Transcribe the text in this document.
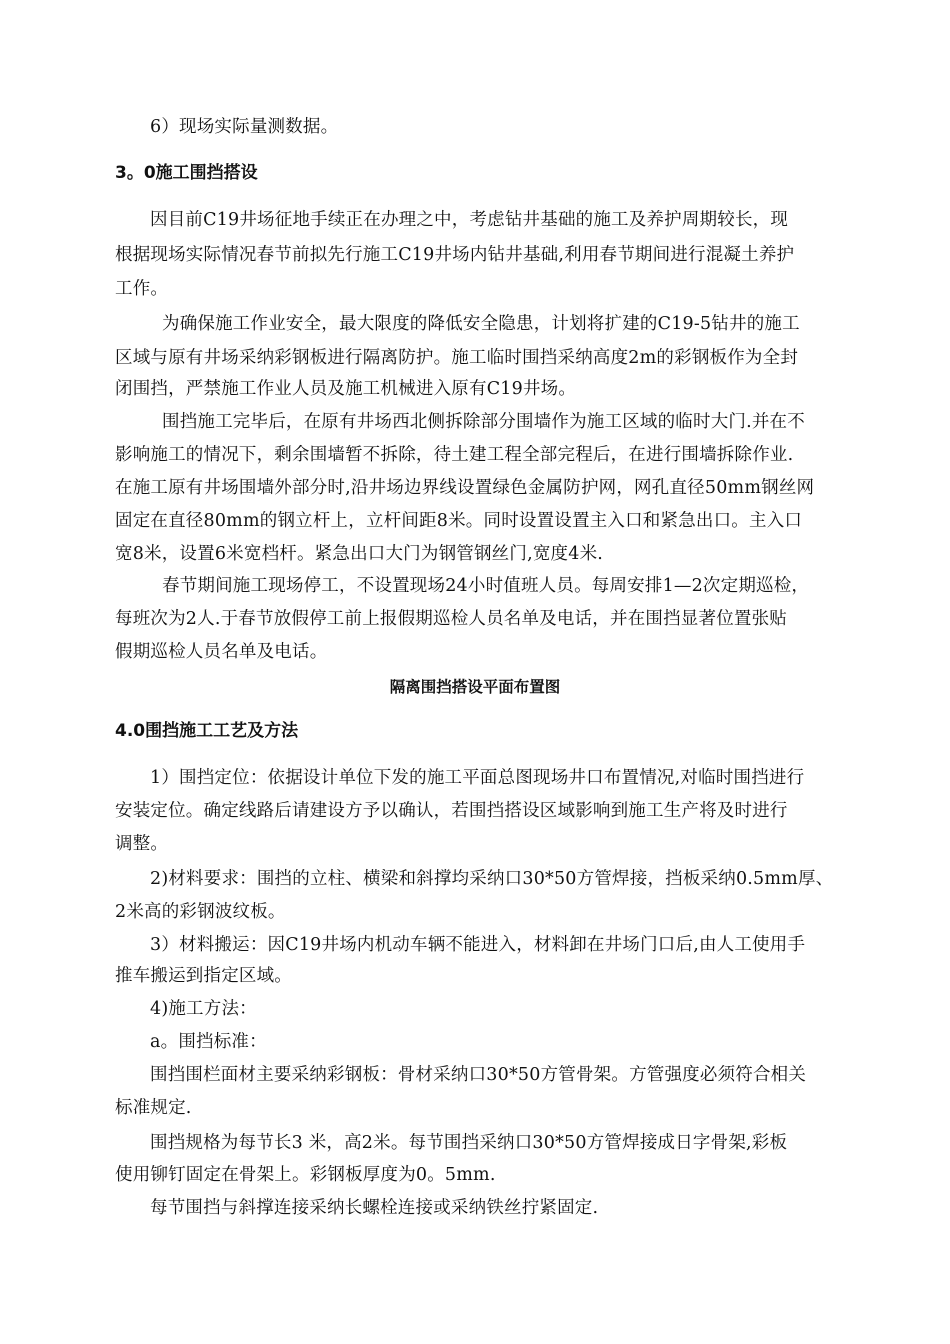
6）现场实际量测数据。
3。0施工围挡搭设
因目前C19井场征地手续正在办理之中，考虑钻井基础的施工及养护周期较长，现
根据现场实际情况春节前拟先行施工C19井场内钻井基础,利用春节期间进行混凝土养护
工作。
为确保施工作业安全，最大限度的降低安全隐患，计划将扩建的C19-5钻井的施工
区域与原有井场采纳彩钢板进行隔离防护。施工临时围挡采纳高度2m的彩钢板作为全封
闭围挡，严禁施工作业人员及施工机械进入原有C19井场。
围挡施工完毕后，在原有井场西北侧拆除部分围墙作为施工区域的临时大门.并在不
影响施工的情况下，剩余围墙暂不拆除，待土建工程全部完程后，在进行围墙拆除作业.
在施工原有井场围墙外部分时,沿井场边界线设置绿色金属防护网，网孔直径50mm钢丝网
固定在直径80mm的钢立杆上，立杆间距8米。同时设置设置主入口和紧急出口。主入口
宽8米，设置6米宽档杆。紧急出口大门为钢管钢丝门,宽度4米.
春节期间施工现场停工，不设置现场24小时值班人员。每周安排1—2次定期巡检，
每班次为2人.于春节放假停工前上报假期巡检人员名单及电话，并在围挡显著位置张贴
假期巡检人员名单及电话。
隔离围挡搭设平面布置图
4.0围挡施工工艺及方法
1）围挡定位：依据设计单位下发的施工平面总图现场井口布置情况,对临时围挡进行
安装定位。确定线路后请建设方予以确认，若围挡搭设区域影响到施工生产将及时进行
调整。
2)材料要求：围挡的立柱、横梁和斜撑均采纳口30*50方管焊接，挡板采纳0.5mm厚、
2米高的彩钢波纹板。
3）材料搬运：因C19井场内机动车辆不能进入，材料卸在井场门口后,由人工使用手
推车搬运到指定区域。
4)施工方法：
a。围挡标准：
围挡围栏面材主要采纳彩钢板：骨材采纳口30*50方管骨架。方管强度必须符合相关
标准规定.
围挡规格为每节长3 米，高2米。每节围挡采纳口30*50方管焊接成日字骨架,彩板
使用铆钉固定在骨架上。彩钢板厚度为0。5mm.
每节围挡与斜撑连接采纳长螺栓连接或采纳铁丝拧紧固定.
